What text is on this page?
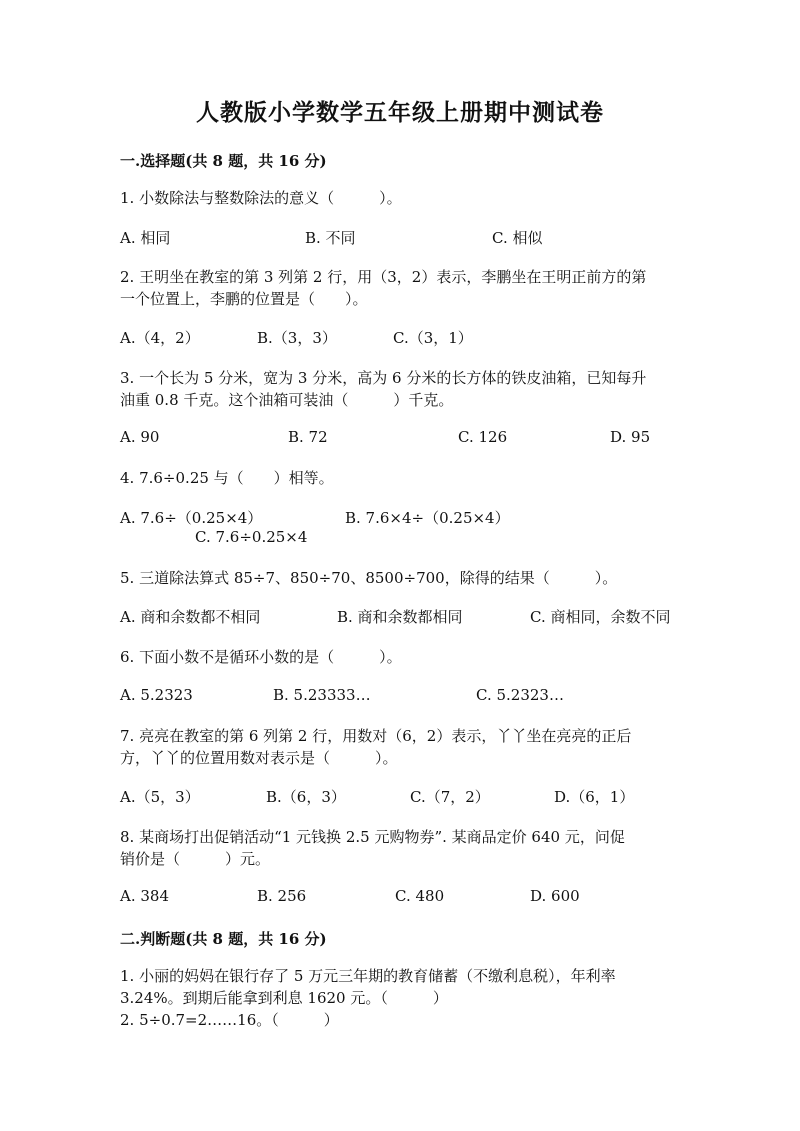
人教版小学数学五年级上册期中测试卷
一.选择题(共 8 题，共 16 分)
1. 小数除法与整数除法的意义（　　　）。
A. 相同	B. 不同	C. 相似
2. 王明坐在教室的第 3 列第 2 行，用（3，2）表示，李鹏坐在王明正前方的第
一个位置上，李鹏的位置是（　　）。
A.（4，2）	B.（3，3）	C.（3，1）
3. 一个长为 5 分米，宽为 3 分米，高为 6 分米的长方体的铁皮油箱，已知每升
油重 0.8 千克。这个油箱可装油（　　　）千克。
A. 90	B. 72	C. 126	D. 95
4. 7.6÷0.25 与（　　）相等。
A. 7.6÷（0.25×4）	B. 7.6×4÷（0.25×4）
C. 7.6÷0.25×4
5. 三道除法算式 85÷7、850÷70、8500÷700，除得的结果（　　　）。
A. 商和余数都不相同	B. 商和余数都相同	C. 商相同，余数不同
6. 下面小数不是循环小数的是（　　　）。
A. 5.2323	B. 5.23333…	C. 5.2323…
7. 亮亮在教室的第 6 列第 2 行，用数对（6，2）表示，丫丫坐在亮亮的正后
方，丫丫的位置用数对表示是（　　　）。
A.（5，3）	B.（6，3）	C.（7，2）	D.（6，1）
8. 某商场打出促销活动“1 元钱换 2.5 元购物券”. 某商品定价 640 元，问促
销价是（　　　）元。
A. 384	B. 256	C. 480	D. 600
二.判断题(共 8 题，共 16 分)
1. 小丽的妈妈在银行存了 5 万元三年期的教育储蓄（不缴利息税），年利率
3.24%。到期后能拿到利息 1620 元。（　　　）
2. 5÷0.7=2……16。（　　　）
